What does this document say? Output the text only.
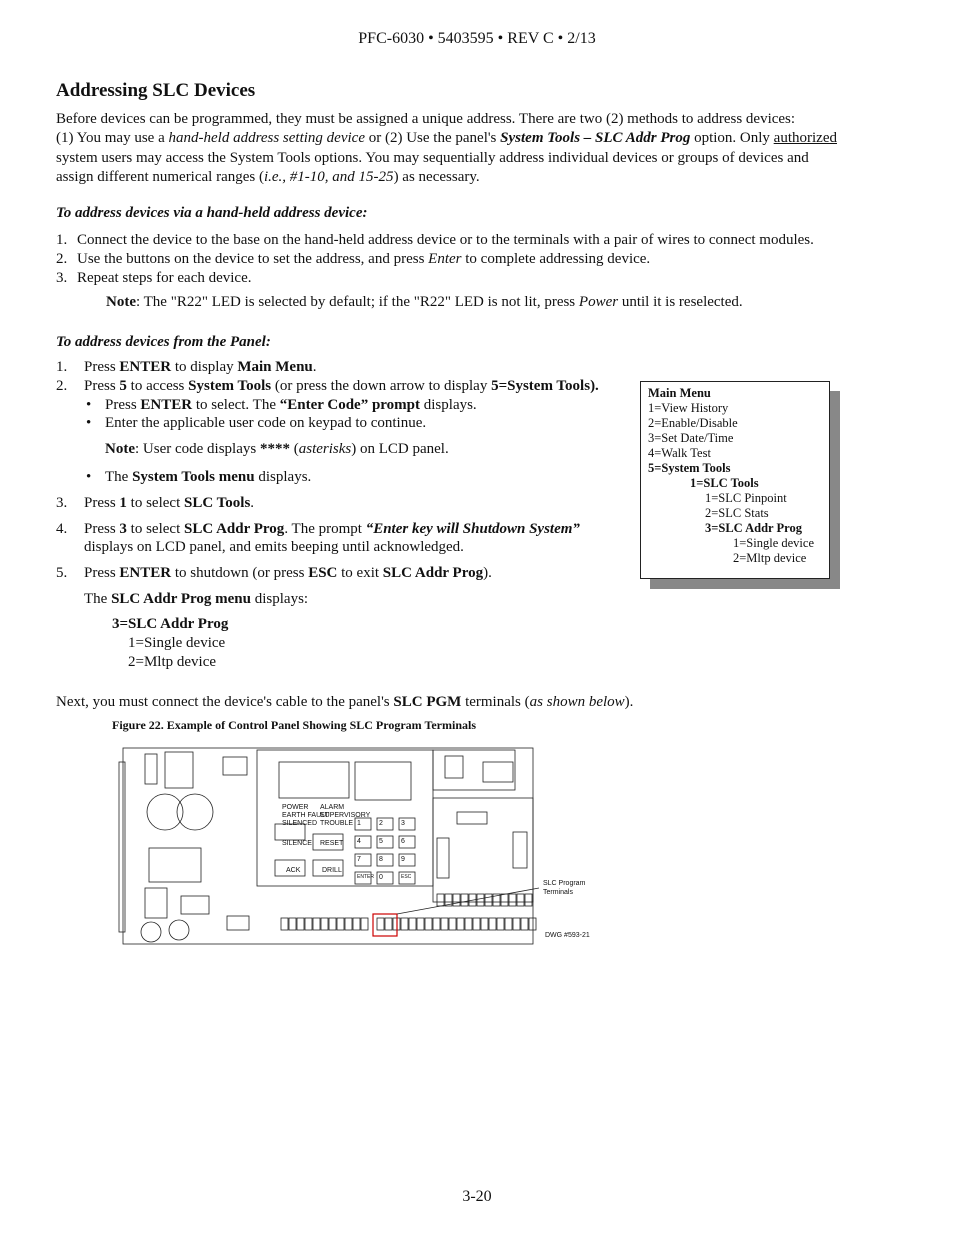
PFC-6030 • 5403595 • REV C • 2/13
Addressing SLC Devices
Before devices can be programmed, they must be assigned a unique address. There are two (2) methods to address devices:
(1) You may use a hand-held address setting device or (2) Use the panel's System Tools – SLC Addr Prog option. Only authorized
system users may access the System Tools options. You may sequentially address individual devices or groups of devices and
assign different numerical ranges (i.e., #1-10, and 15-25) as necessary.
To address devices via a hand-held address device:
1. Connect the device to the base on the hand-held address device or to the terminals with a pair of wires to connect modules.
2. Use the buttons on the device to set the address, and press Enter to complete addressing device.
3. Repeat steps for each device.
Note: The "R22" LED is selected by default; if the "R22" LED is not lit, press Power until it is reselected.
To address devices from the Panel:
1. Press ENTER to display Main Menu.
2. Press 5 to access System Tools (or press the down arrow to display 5=System Tools).
• Press ENTER to select. The “Enter Code” prompt displays.
• Enter the applicable user code on keypad to continue.
Note: User code displays **** (asterisks) on LCD panel.
• The System Tools menu displays.
3. Press 1 to select SLC Tools.
4. Press 3 to select SLC Addr Prog. The prompt “Enter key will Shutdown System”
displays on LCD panel, and emits beeping until acknowledged.
5. Press ENTER to shutdown (or press ESC to exit SLC Addr Prog).
The SLC Addr Prog menu displays:
3=SLC Addr Prog
1=Single device
2=Mltp device
Main Menu
1=View History
2=Enable/Disable
3=Set Date/Time
4=Walk Test
5=System Tools
1=SLC Tools
1=SLC Pinpoint
2=SLC Stats
3=SLC Addr Prog
1=Single device
2=Mltp device
Next, you must connect the device's cable to the panel's SLC PGM terminals (as shown below).
Figure 22. Example of Control Panel Showing SLC Program Terminals
POWER
EARTH FAULT
SILENCED
ALARM
SUPERVISORY
TROUBLE
SILENCE RESET
ACK	DRILL
1	2	3
4	5	6
7	8	9
ENTER 0	ESC
SLC Program
Terminals
DWG #593-21
3-20
